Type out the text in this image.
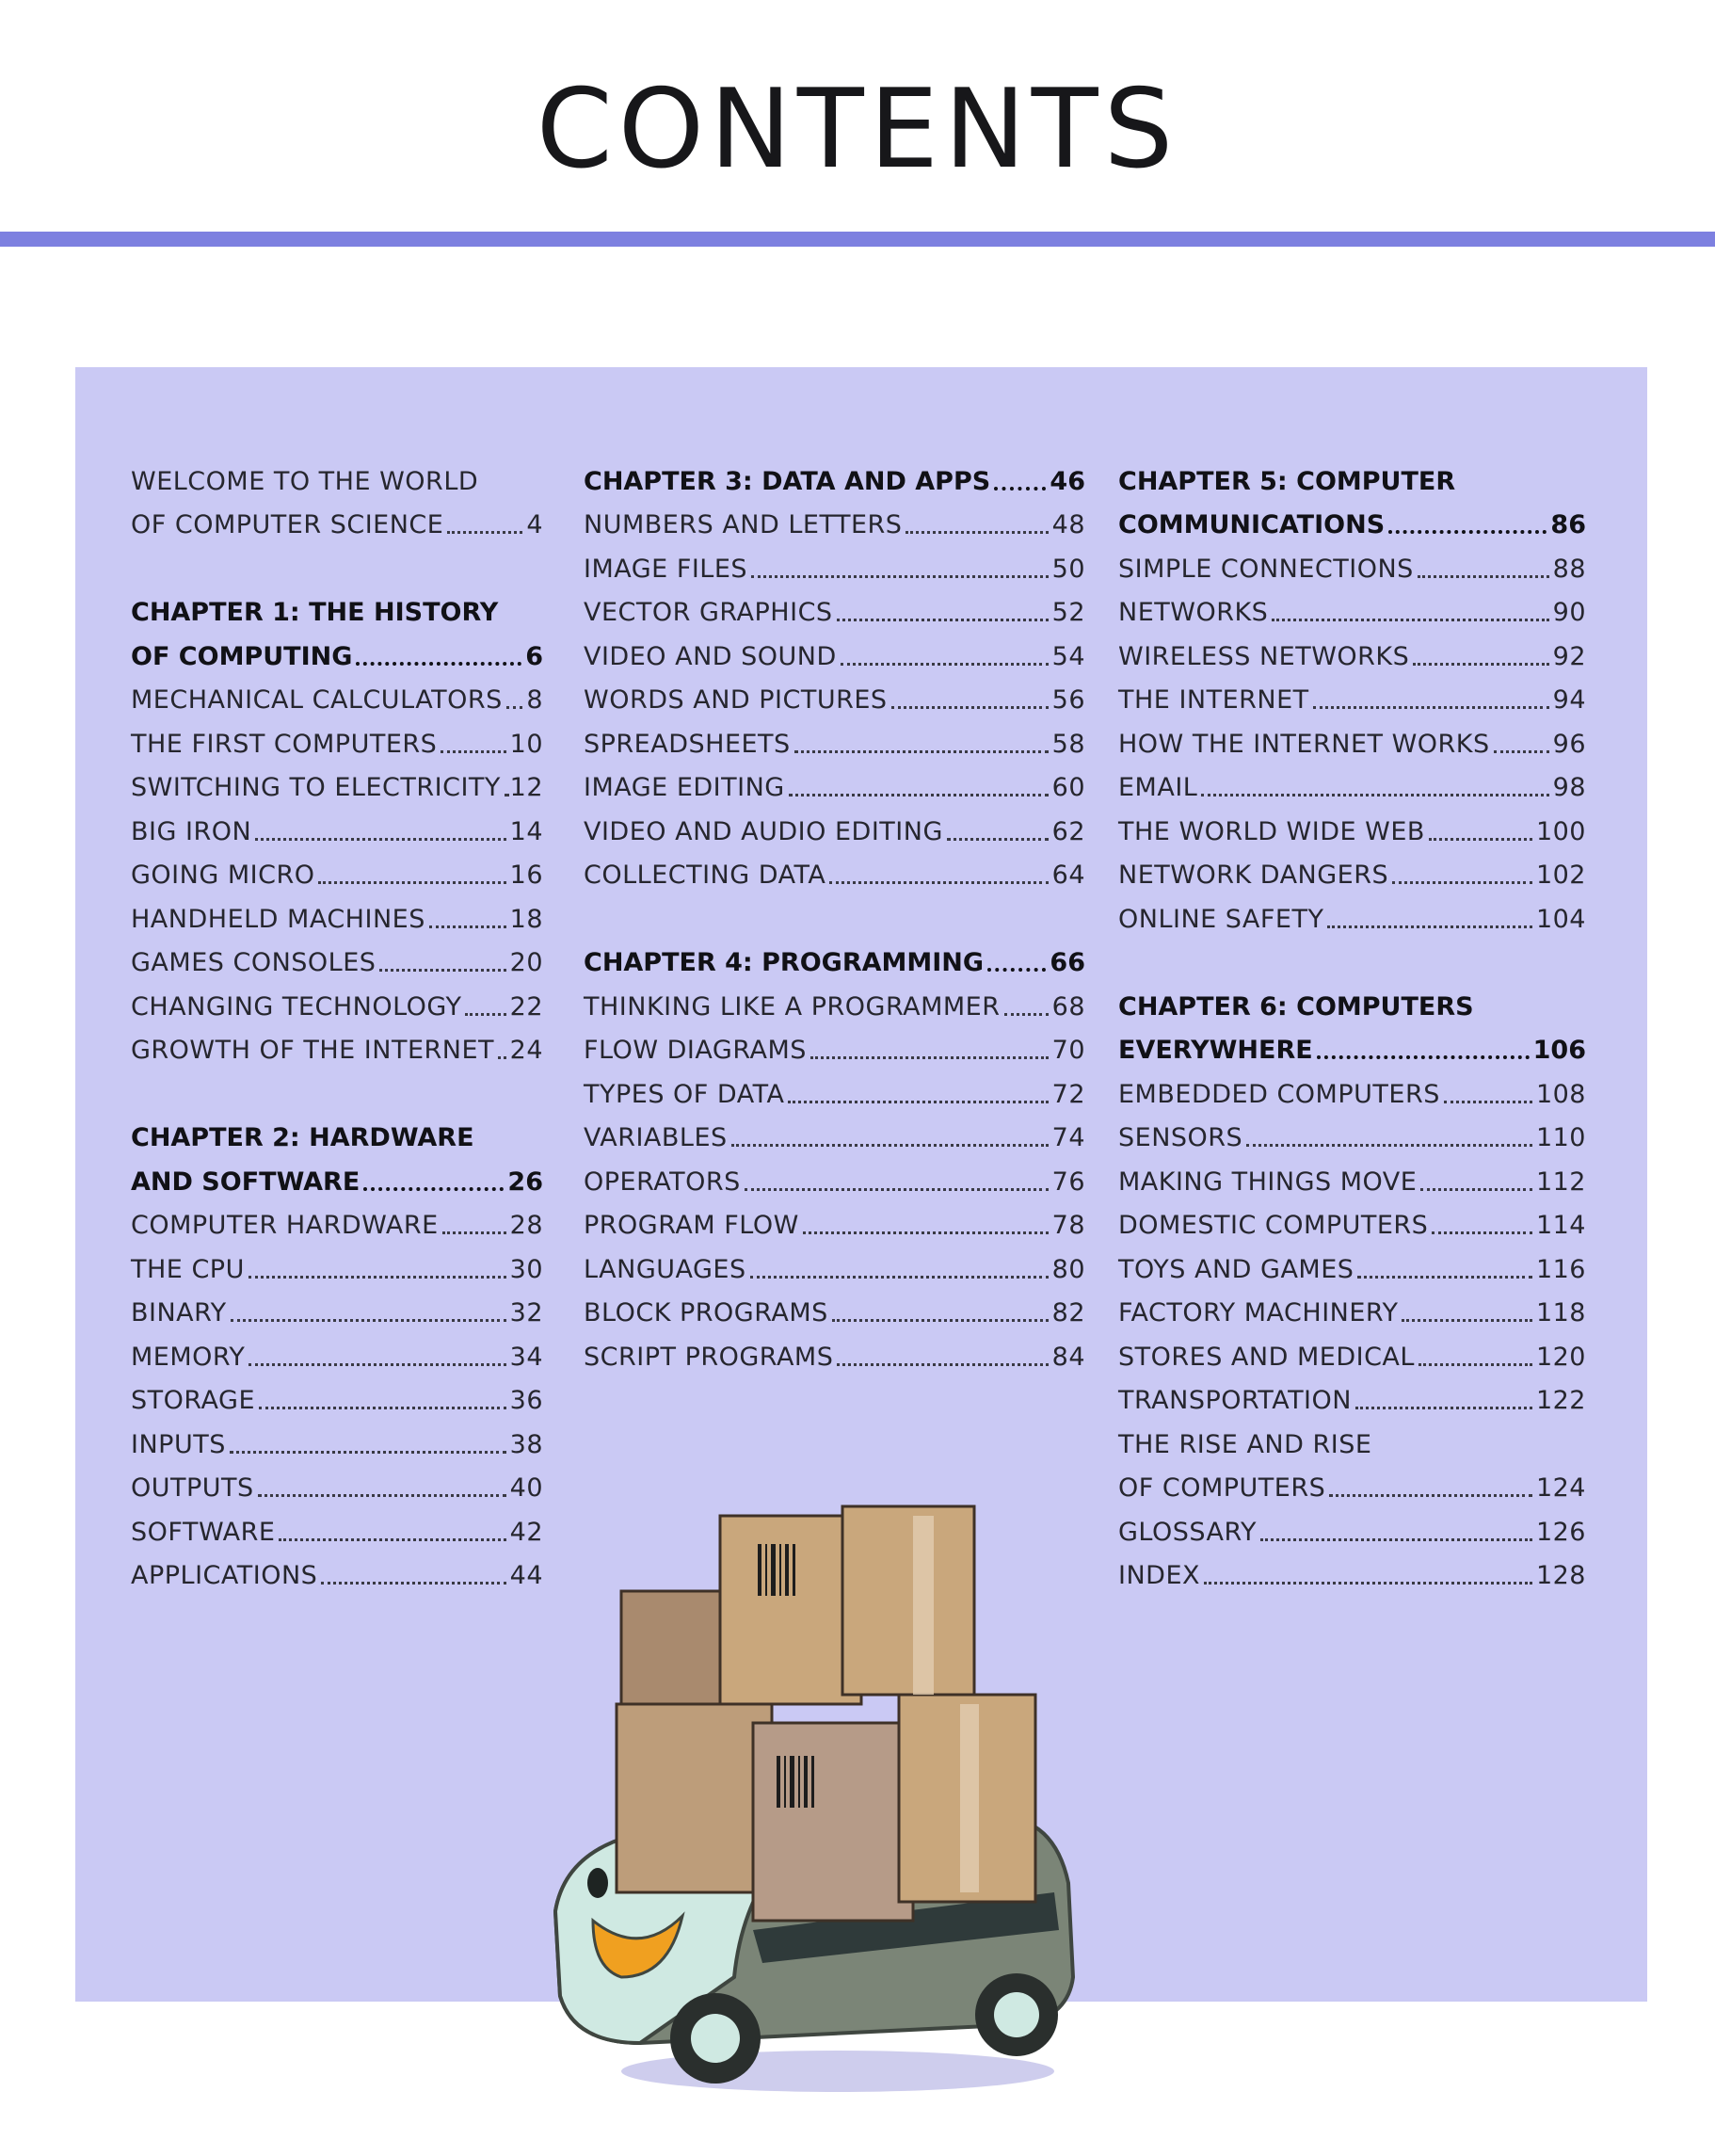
CONTENTS
WELCOME TO THE WORLD
OF COMPUTER SCIENCE	4
CHAPTER 1: THE HISTORY
OF COMPUTING	6
MECHANICAL CALCULATORS 8
THE FIRST COMPUTERS	10
SWITCHING TO ELECTRICITY 12
BIG IRON	14
GOING MICRO	16
HANDHELD MACHINES	18
GAMES CONSOLES	20
CHANGING TECHNOLOGY 22
GROWTH OF THE INTERNET 24
CHAPTER 2: HARDWARE
AND SOFTWARE	26
COMPUTER HARDWARE	28
THE CPU	30
BINARY	32
MEMORY	34
STORAGE	36
INPUTS	38
OUTPUTS	40
SOFTWARE	42
APPLICATIONS	44
CHAPTER 3: DATA AND APPS 46
NUMBERS AND LETTERS	48
IMAGE FILES	50
VECTOR GRAPHICS	52
VIDEO AND SOUND	54
WORDS AND PICTURES	56
SPREADSHEETS	58
IMAGE EDITING	60
VIDEO AND AUDIO EDITING	62
COLLECTING DATA	64
CHAPTER 4: PROGRAMMING	66
THINKING LIKE A PROGRAMMER 68
FLOW DIAGRAMS	70
TYPES OF DATA	72
VARIABLES	74
OPERATORS	76
PROGRAM FLOW	78
LANGUAGES	80
BLOCK PROGRAMS	82
SCRIPT PROGRAMS	84
CHAPTER 5: COMPUTER
COMMUNICATIONS	86
SIMPLE CONNECTIONS	88
NETWORKS	90
WIRELESS NETWORKS	92
THE INTERNET	94
HOW THE INTERNET WORKS 96
EMAIL	98
THE WORLD WIDE WEB	100
NETWORK DANGERS	102
ONLINE SAFETY	104
CHAPTER 6: COMPUTERS
EVERYWHERE	106
EMBEDDED COMPUTERS	108
SENSORS	110
MAKING THINGS MOVE	112
DOMESTIC COMPUTERS	114
TOYS AND GAMES	116
FACTORY MACHINERY	118
STORES AND MEDICAL	120
TRANSPORTATION	122
THE RISE AND RISE
OF COMPUTERS	124
GLOSSARY	126
INDEX	128
